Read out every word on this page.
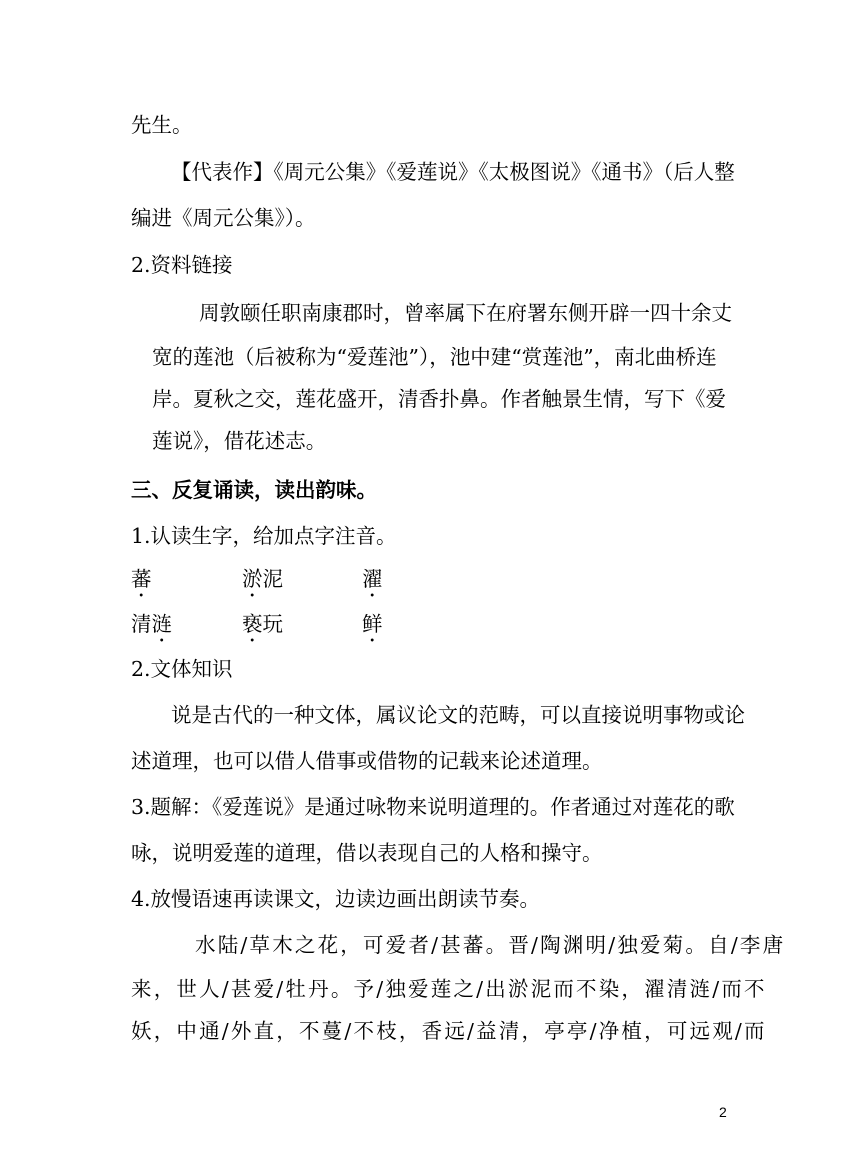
先生。
【代表作】《周元公集》《爱莲说》《太极图说》《通书》（后人整
编进《周元公集》）。
2.资料链接
周敦颐任职南康郡时，曾率属下在府署东侧开辟一四十余丈
宽的莲池（后被称为“爱莲池”），池中建“赏莲池”，南北曲桥连
岸。夏秋之交，莲花盛开，清香扑鼻。作者触景生情，写下《爱
莲说》，借花述志。
三、反复诵读，读出韵味。
1.认读生字，给加点字注音。
蕃	淤泥	濯
清涟	亵玩	鲜
2.文体知识
说是古代的一种文体，属议论文的范畴，可以直接说明事物或论
述道理，也可以借人借事或借物的记载来论述道理。
3.题解：《爱莲说》是通过咏物来说明道理的。作者通过对莲花的歌
咏，说明爱莲的道理，借以表现自己的人格和操守。
4.放慢语速再读课文，边读边画出朗读节奏。
水陆/草木之花，可爱者/甚蕃。晋/陶渊明/独爱菊。自/李唐
来，世人/甚爱/牡丹。予/独爱莲之/出淤泥而不染，濯清涟/而不
妖，中通/外直，不蔓/不枝，香远/益清，亭亭/净植，可远观/而
2
